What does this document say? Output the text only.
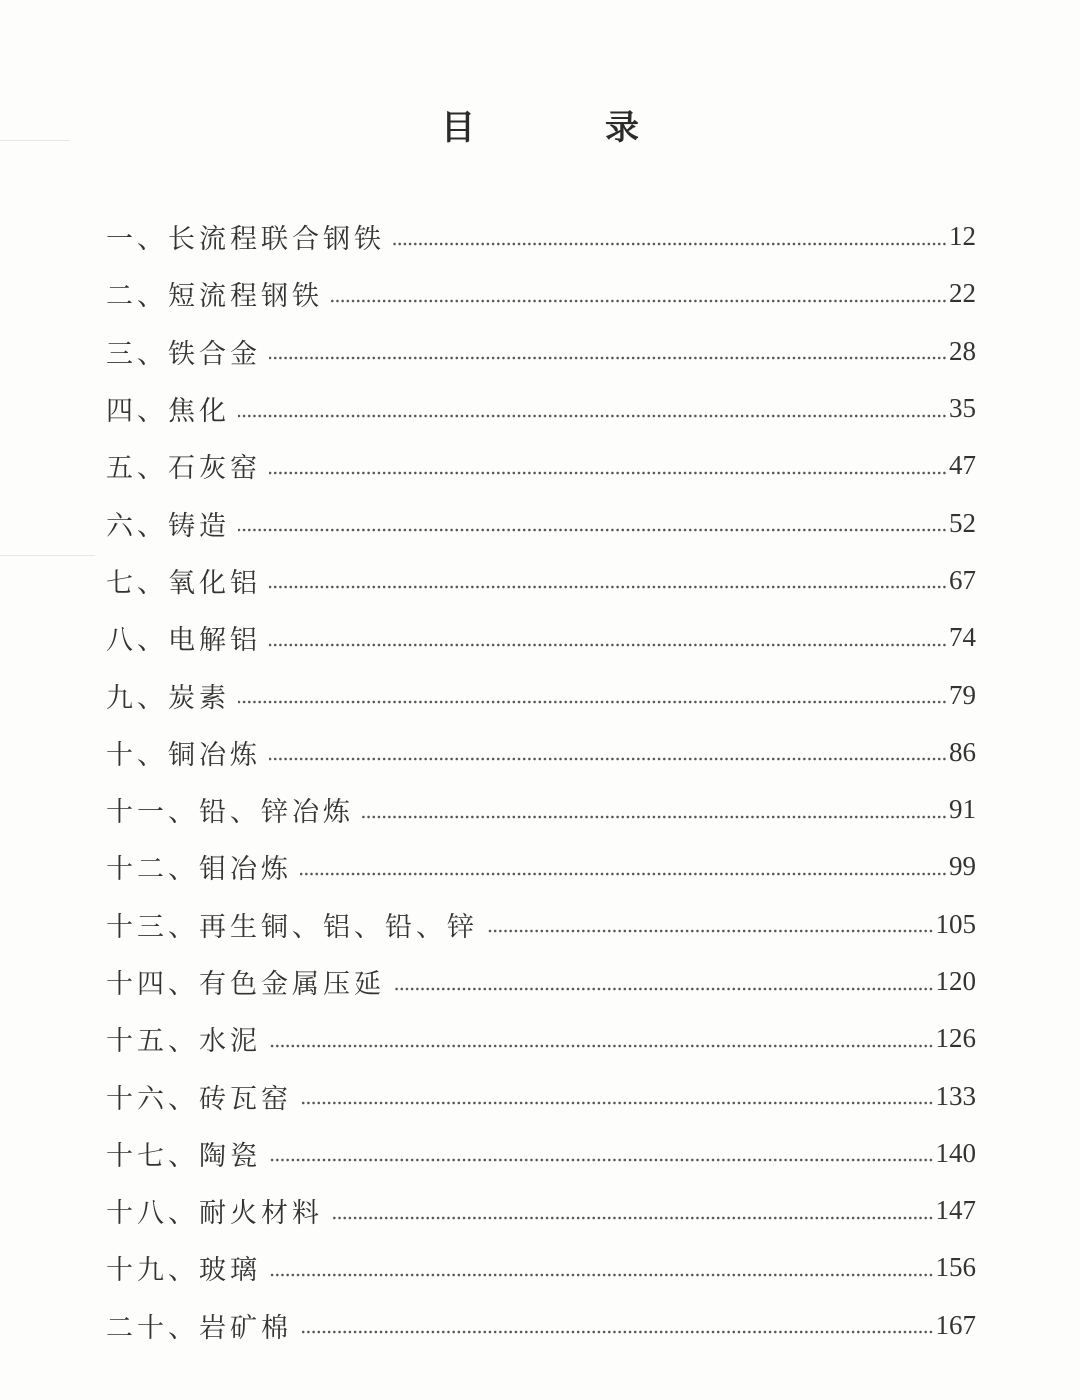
目　录
一、长流程联合钢铁	12
二、短流程钢铁	22
三、铁合金	28
四、焦化	35
五、石灰窑	47
六、铸造	52
七、氧化铝	67
八、电解铝	74
九、炭素	79
十、铜冶炼	86
十一、铅、锌冶炼	91
十二、钼冶炼	99
十三、再生铜、铝、铅、锌	105
十四、有色金属压延	120
十五、水泥	126
十六、砖瓦窑	133
十七、陶瓷	140
十八、耐火材料	147
十九、玻璃	156
二十、岩矿棉	167
